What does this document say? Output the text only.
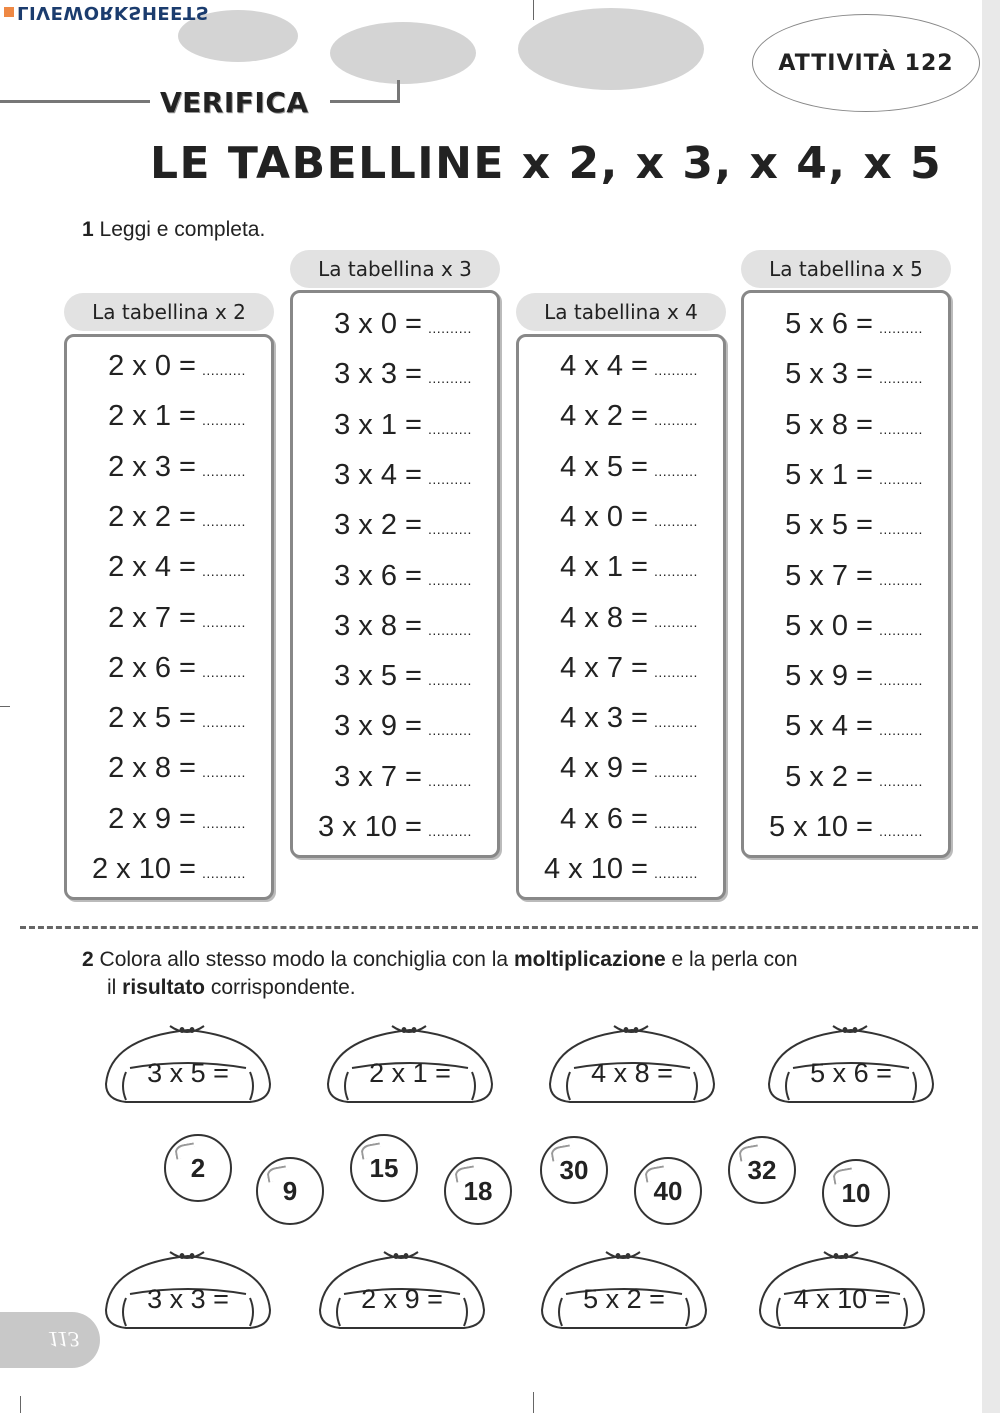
LIVEWORKSHEETS
ATTIVITÀ 122
VERIFICA
LE TABELLINE x 2, x 3, x 4, x 5
1 Leggi e completa.
La tabellina x 2
2 x 0 = ..........
2 x 1 = ..........
2 x 3 = ..........
2 x 2 = ..........
2 x 4 = ..........
2 x 7 = ..........
2 x 6 = ..........
2 x 5 = ..........
2 x 8 = ..........
2 x 9 = ..........
2 x 10 = ..........
La tabellina x 3
3 x 0 = ..........
3 x 3 = ..........
3 x 1 = ..........
3 x 4 = ..........
3 x 2 = ..........
3 x 6 = ..........
3 x 8 = ..........
3 x 5 = ..........
3 x 9 = ..........
3 x 7 = ..........
3 x 10 = ..........
La tabellina x 4
4 x 4 = ..........
4 x 2 = ..........
4 x 5 = ..........
4 x 0 = ..........
4 x 1 = ..........
4 x 8 = ..........
4 x 7 = ..........
4 x 3 = ..........
4 x 9 = ..........
4 x 6 = ..........
4 x 10 = ..........
La tabellina x 5
5 x 6 = ..........
5 x 3 = ..........
5 x 8 = ..........
5 x 1 = ..........
5 x 5 = ..........
5 x 7 = ..........
5 x 0 = ..........
5 x 9 = ..........
5 x 4 = ..........
5 x 2 = ..........
5 x 10 = ..........
2 Colora allo stesso modo la conchiglia con la moltiplicazione e la perla con
il risultato corrispondente.
3 x 5 =	2 x 1 =	4 x 8 =	5 x 6 =
3 x 3 =	2 x 9 =	5 x 2 =	4 x 10 =
2
9
15
18
30
40
32
10
113
